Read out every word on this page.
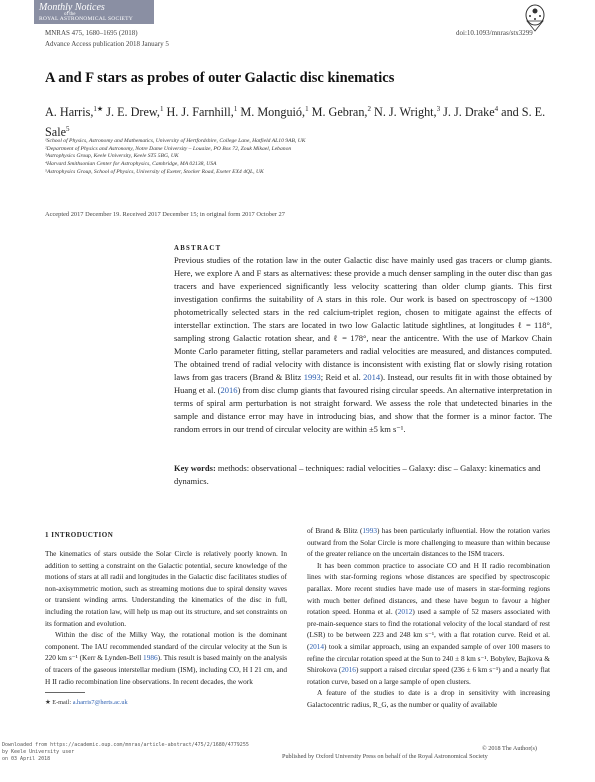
Monthly Notices
of the
ROYAL ASTRONOMICAL SOCIETY
MNRAS 475, 1680–1695 (2018)	doi:10.1093/mnras/stx3299
Advance Access publication 2018 January 5
A and F stars as probes of outer Galactic disc kinematics
A. Harris,$^{1★}$ J. E. Drew,$^1$ H. J. Farnhill,$^1$ M. Monguió,$^1$ M. Gebran,$^2$ N. J. Wright,$^3$ J. J. Drake$^4$ and S. E. Sale$^5$
¹School of Physics, Astronomy and Mathematics, University of Hertfordshire, College Lane, Hatfield AL10 9AB, UK
²Department of Physics and Astronomy, Notre Dame University – Louaize, PO Box 72, Zouk Mikael, Lebanon
³Astrophysics Group, Keele University, Keele ST5 5BG, UK
⁴Harvard Smithsonian Center for Astrophysics, Cambridge, MA 02138, USA
⁵Astrophysics Group, School of Physics, University of Exeter, Stocker Road, Exeter EX4 4QL, UK
Accepted 2017 December 19. Received 2017 December 15; in original form 2017 October 27
ABSTRACT
Previous studies of the rotation law in the outer Galactic disc have mainly used gas tracers or clump giants. Here, we explore A and F stars as alternatives: these provide a much denser sampling in the outer disc than gas tracers and have experienced significantly less velocity scattering than older clump giants. This first investigation confirms the suitability of A stars in this role. Our work is based on spectroscopy of ~1300 photometrically selected stars in the red calcium-triplet region, chosen to mitigate against the effects of interstellar extinction. The stars are located in two low Galactic latitude sightlines, at longitudes ℓ = 118°, sampling strong Galactic rotation shear, and ℓ = 178°, near the anticentre. With the use of Markov Chain Monte Carlo parameter fitting, stellar parameters and radial velocities are measured, and distances computed. The obtained trend of radial velocity with distance is inconsistent with existing flat or slowly rising rotation laws from gas tracers (Brand & Blitz 1993; Reid et al. 2014). Instead, our results fit in with those obtained by Huang et al. (2016) from disc clump giants that favoured rising circular speeds. An alternative interpretation in terms of spiral arm perturbation is not straight forward. We assess the role that undetected binaries in the sample and distance error may have in introducing bias, and show that the former is a minor factor. The random errors in our trend of circular velocity are within ±5 km s⁻¹.
Key words: methods: observational – techniques: radial velocities – Galaxy: disc – Galaxy: kinematics and dynamics.
1 INTRODUCTION

The kinematics of stars outside the Solar Circle is relatively poorly known. In addition to setting a constraint on the Galactic potential, secure knowledge of the motions of stars at all radii and longitudes in the Galactic disc facilitates studies of non-axisymmetric motion, such as streaming motions due to spiral density waves or transient winding arms. Understanding the kinematics of the disc in full, including the rotation law, will help us map out its structure, and set constraints on its formation and evolution.

Within the disc of the Milky Way, the rotational motion is the dominant component. The IAU recommended standard of the circular velocity at the Sun is 220 km s⁻¹ (Kerr & Lynden-Bell 1986). This result is based mainly on the analysis of tracers of the gaseous interstellar medium (ISM), including CO, H I 21 cm, and H II radio recombination line observations. In recent decades, the work

of Brand & Blitz (1993) has been particularly influential. How the rotation varies outward from the Solar Circle is more challenging to measure than within because of the greater reliance on the uncertain distances to the ISM tracers.

It has been common practice to associate CO and H II radio recombination lines with star-forming regions whose distances are specified by spectroscopic parallax. More recent studies have made use of masers in star-forming regions with much better defined distances, and these have begun to favour a higher rotation speed. Honma et al. (2012) used a sample of 52 masers associated with pre-main-sequence stars to find the rotational velocity of the local standard of rest (LSR) to be between 223 and 248 km s⁻¹, with a flat rotation curve. Reid et al. (2014) took a similar approach, using an expanded sample of over 100 masers to refine the circular rotation speed at the Sun to 240 ± 8 km s⁻¹. Bobylev, Bajkova & Shirokova (2016) support a raised circular speed (236 ± 6 km s⁻¹) and a nearly flat rotation curve, based on a large sample of open clusters.

A feature of the studies to date is a drop in sensitivity with increasing Galactocentric radius, R_G, as the number or quality of available

★ E-mail: a.harris7@herts.ac.uk
© 2018 The Author(s)
Published by Oxford University Press on behalf of the Royal Astronomical Society
Downloaded from https://academic.oup.com/mnras/article-abstract/475/2/1680/4779255
by Keele University user
on 03 April 2018
